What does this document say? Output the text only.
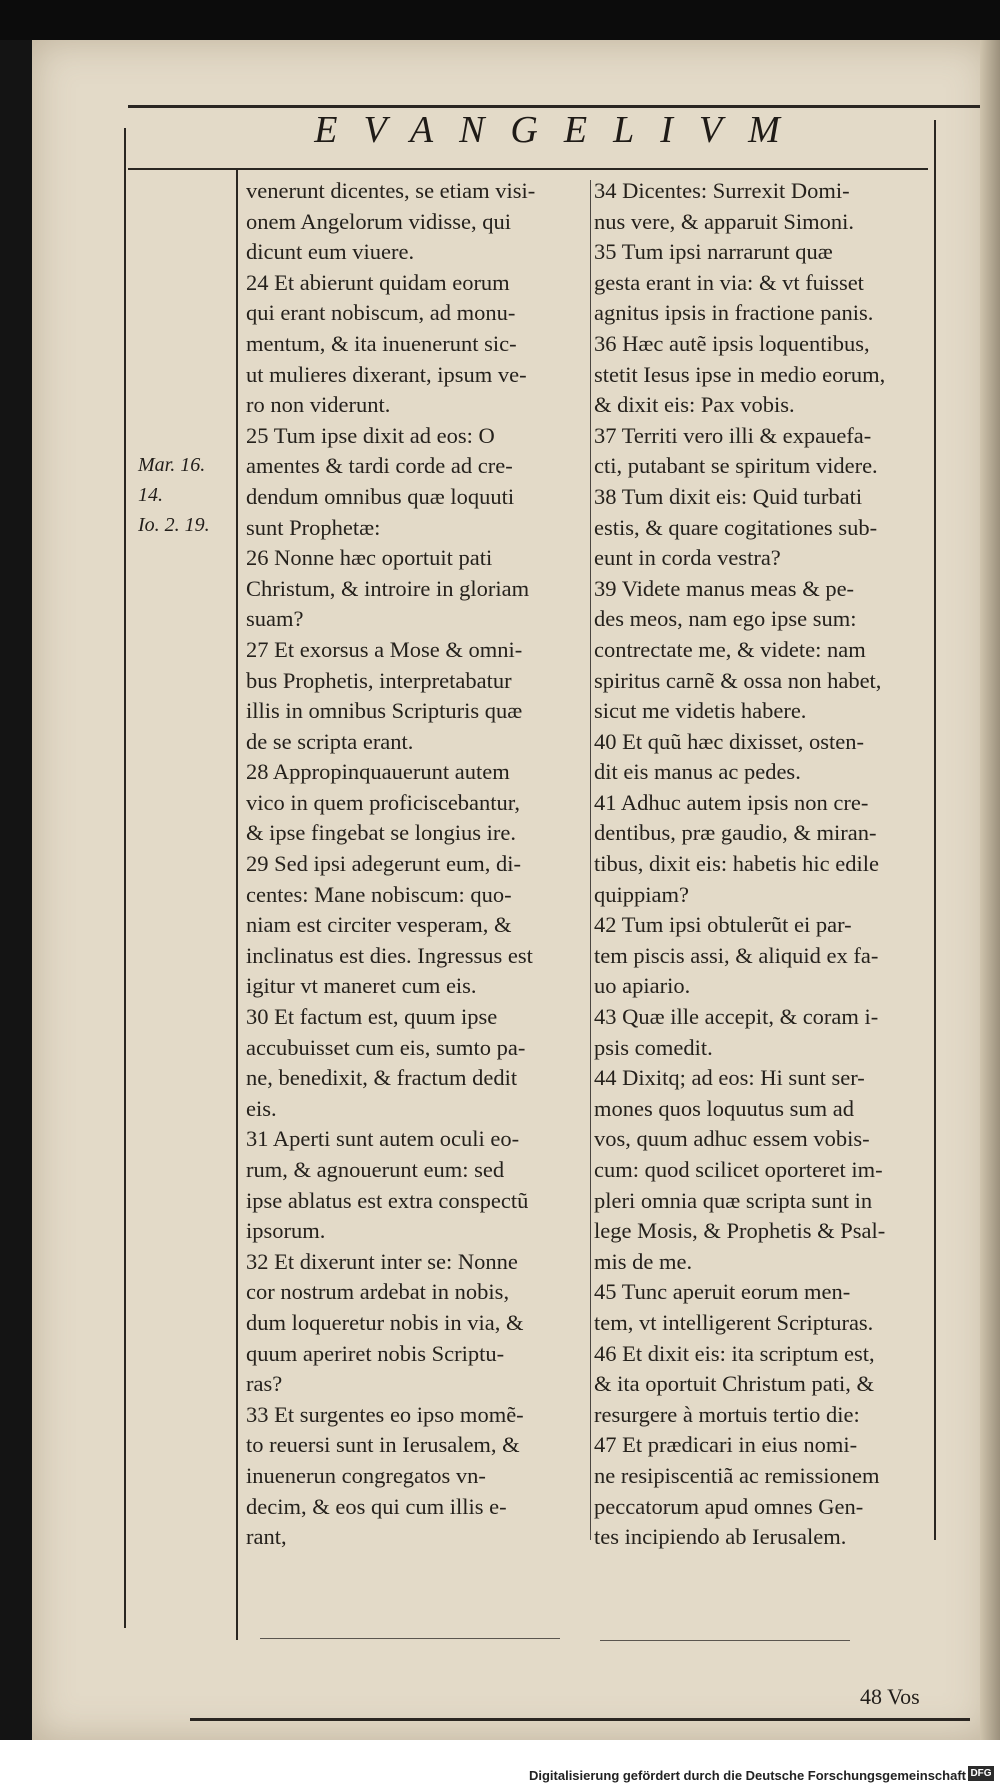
EVANGELIVM
Mar. 16.
14.
Io. 2. 19.
venerunt dicentes, se etiam visi-
onem Angelorum vidisse, qui
dicunt eum viuere.
24 Et abierunt quidam eorum
qui erant nobiscum, ad monu-
mentum, & ita inuenerunt sic-
ut mulieres dixerant, ipsum ve-
ro non viderunt.
25 Tum ipse dixit ad eos: O
amentes & tardi corde ad cre-
dendum omnibus quæ loquuti
sunt Prophetæ:
26 Nonne hæc oportuit pati
Christum, & introire in gloriam
suam?
27 Et exorsus a Mose & omni-
bus Prophetis, interpretabatur
illis in omnibus Scripturis quæ
de se scripta erant.
28 Appropinquauerunt autem
vico in quem proficiscebantur,
& ipse fingebat se longius ire.
29 Sed ipsi adegerunt eum, di-
centes: Mane nobiscum: quo-
niam est circiter vesperam, &
inclinatus est dies. Ingressus est
igitur vt maneret cum eis.
30 Et factum est, quum ipse
accubuisset cum eis, sumto pa-
ne, benedixit, & fractum dedit
eis.
31 Aperti sunt autem oculi eo-
rum, & agnouerunt eum: sed
ipse ablatus est extra conspectũ
ipsorum.
32 Et dixerunt inter se: Nonne
cor nostrum ardebat in nobis,
dum loqueretur nobis in via, &
quum aperiret nobis Scriptu-
ras?
33 Et surgentes eo ipso momẽ-
to reuersi sunt in Ierusalem, &
inuenerun congregatos vn-
decim, & eos qui cum illis e-
rant,
34 Dicentes: Surrexit Domi-
nus vere, & apparuit Simoni.
35 Tum ipsi narrarunt quæ
gesta erant in via: & vt fuisset
agnitus ipsis in fractione panis.
36 Hæc autẽ ipsis loquentibus,
stetit Iesus ipse in medio eorum,
& dixit eis: Pax vobis.
37 Territi vero illi & expauefa-
cti, putabant se spiritum videre.
38 Tum dixit eis: Quid turbati
estis, & quare cogitationes sub-
eunt in corda vestra?
39 Videte manus meas & pe-
des meos, nam ego ipse sum:
contrectate me, & videte: nam
spiritus carnẽ & ossa non habet,
sicut me videtis habere.
40 Et quũ hæc dixisset, osten-
dit eis manus ac pedes.
41 Adhuc autem ipsis non cre-
dentibus, præ gaudio, & miran-
tibus, dixit eis: habetis hic edile
quippiam?
42 Tum ipsi obtulerũt ei par-
tem piscis assi, & aliquid ex fa-
uo apiario.
43 Quæ ille accepit, & coram i-
psis comedit.
44 Dixitq; ad eos: Hi sunt ser-
mones quos loquutus sum ad
vos, quum adhuc essem vobis-
cum: quod scilicet oporteret im-
pleri omnia quæ scripta sunt in
lege Mosis, & Prophetis & Psal-
mis de me.
45 Tunc aperuit eorum men-
tem, vt intelligerent Scripturas.
46 Et dixit eis: ita scriptum est,
& ita oportuit Christum pati, &
resurgere à mortuis tertio die:
47 Et prædicari in eius nomi-
ne resipiscentiã ac remissionem
peccatorum apud omnes Gen-
tes incipiendo ab Ierusalem.
48 Vos
Digitalisierung gefördert durch die Deutsche Forschungsgemeinschaft DFG
